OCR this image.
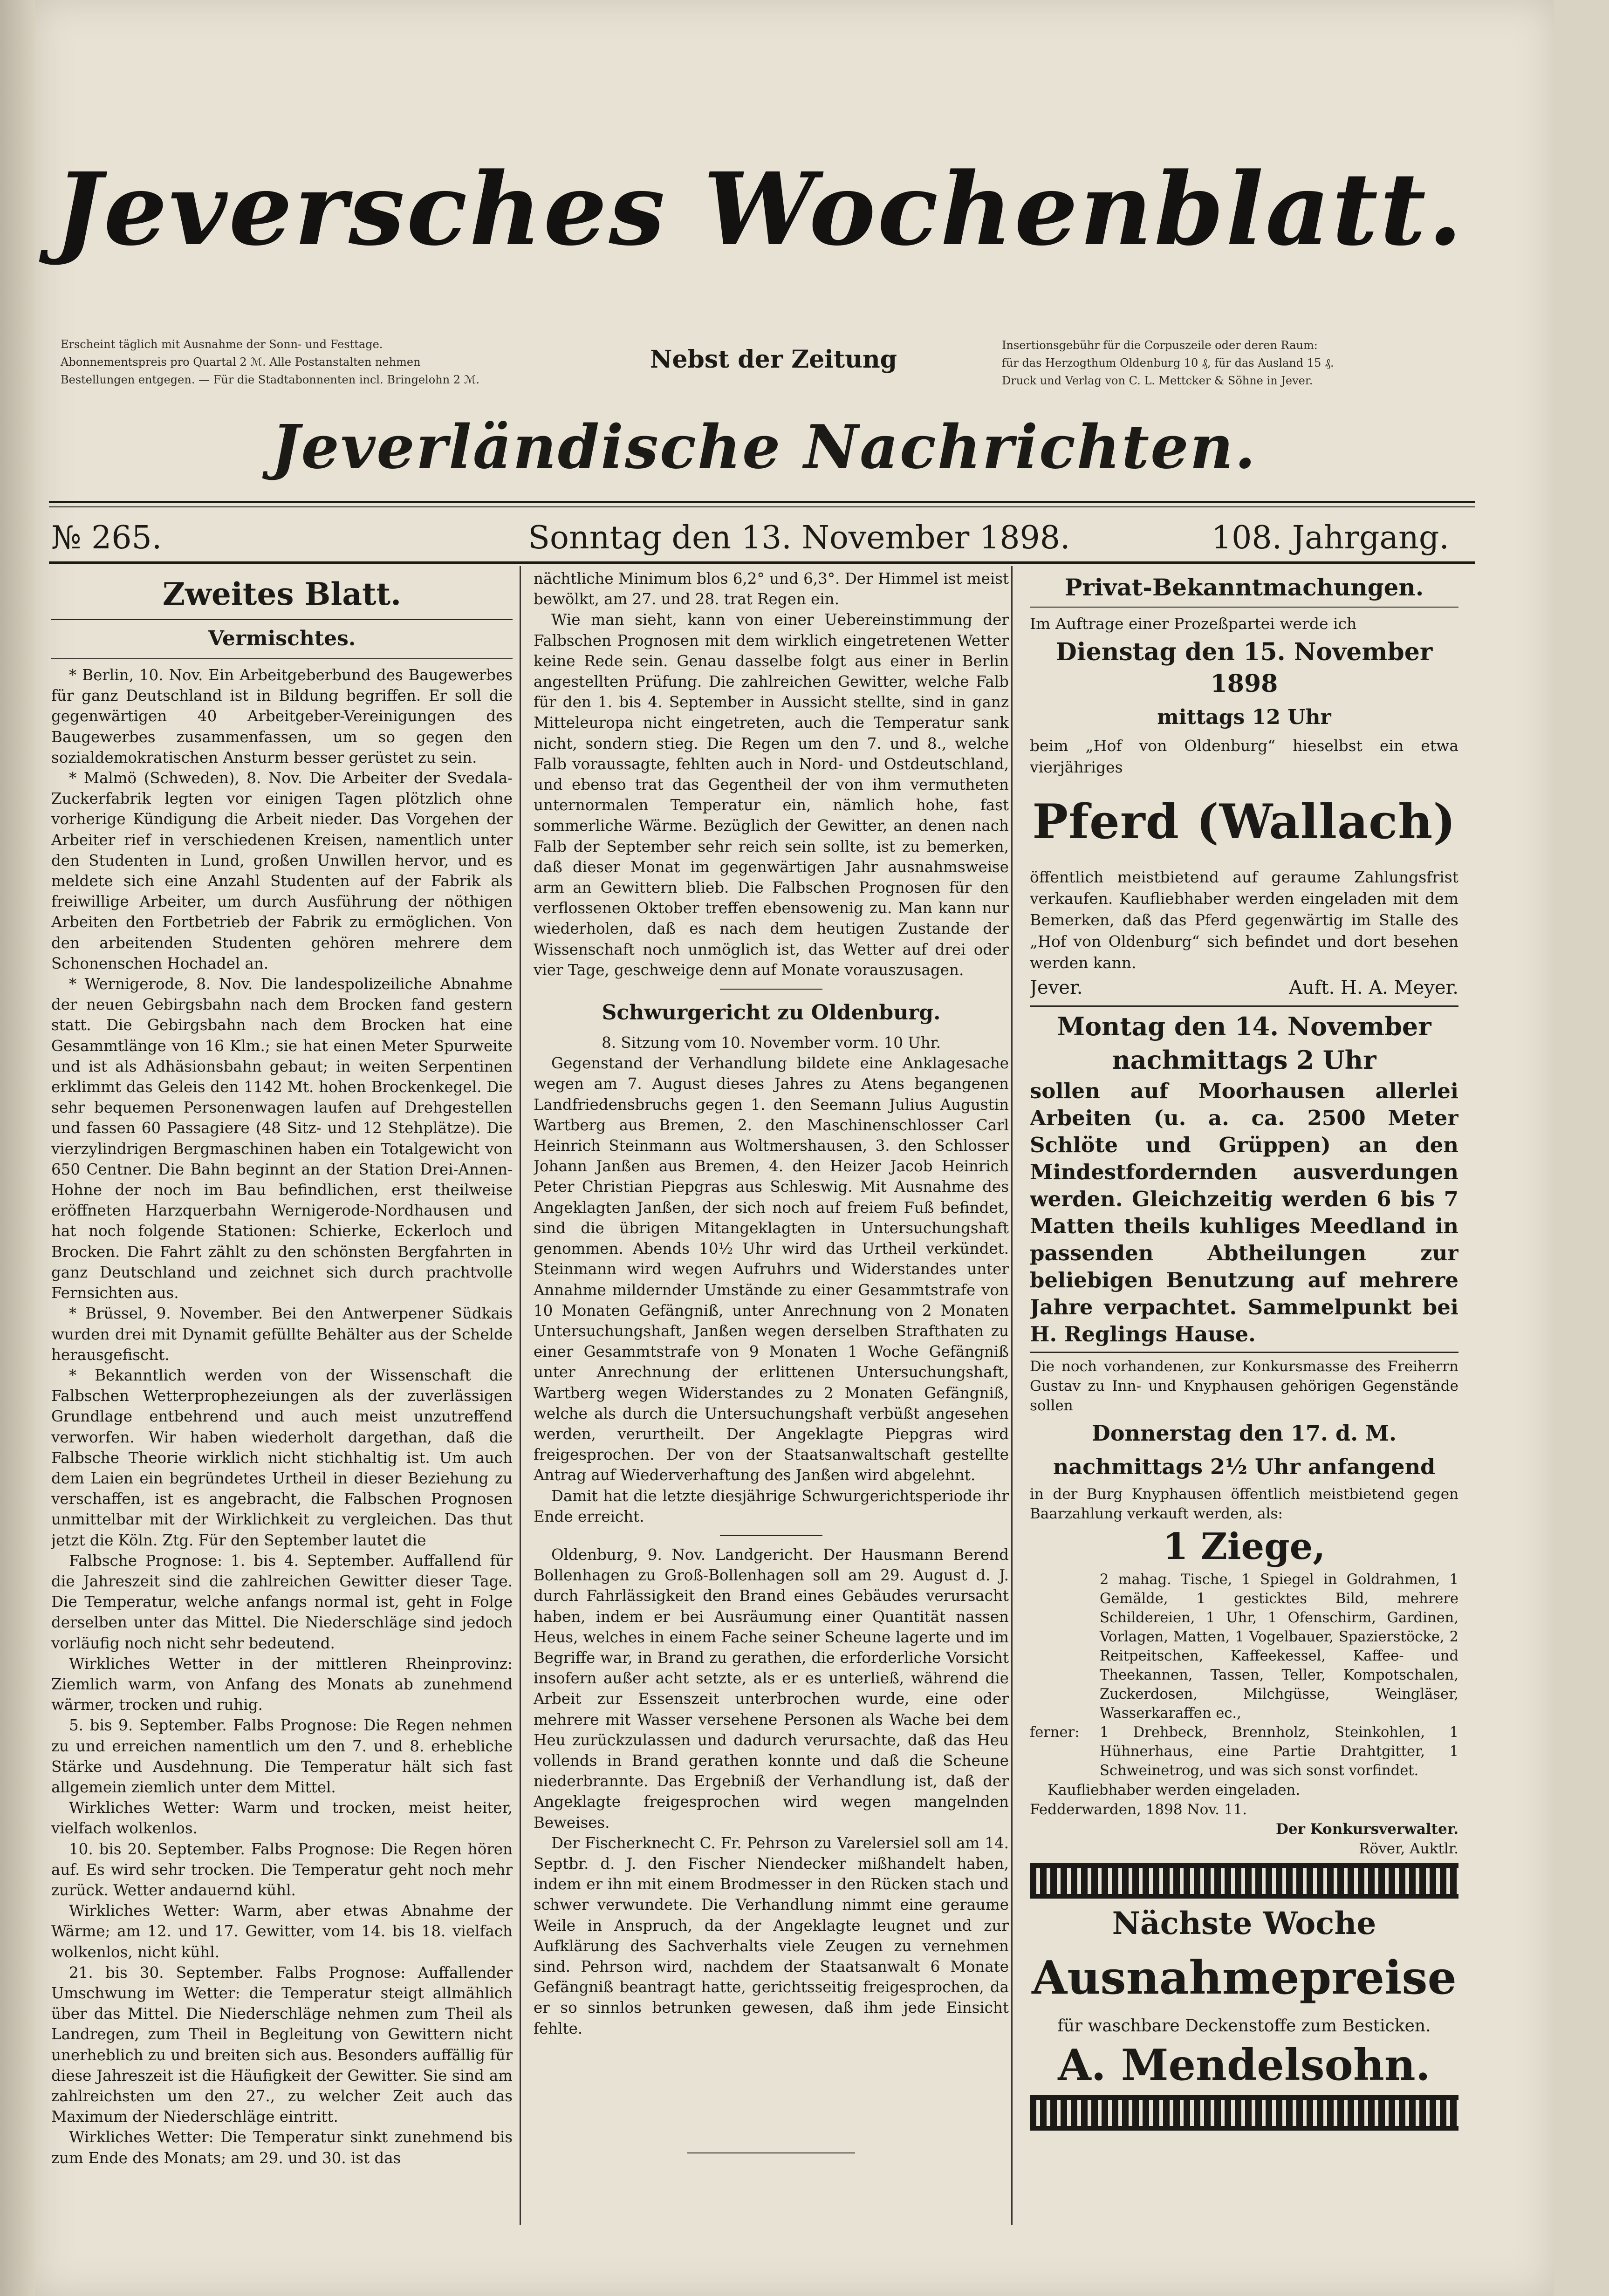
Jeversches Wochenblatt.
Erscheint täglich mit Ausnahme der Sonn- und Festtage.
Abonnementspreis pro Quartal 2 ℳ. Alle Postanstalten nehmen
Bestellungen entgegen. — Für die Stadtabonnenten incl. Bringelohn 2 ℳ.
Nebst der Zeitung	Insertionsgebühr für die Corpuszeile oder deren Raum:
für das Herzogthum Oldenburg 10 ₰, für das Ausland 15 ₰.
Druck und Verlag von C. L. Mettcker & Söhne in Jever.
Jeverländische Nachrichten.
№ 265.	Sonntag den 13. November 1898.	108. Jahrgang.
Zweites Blatt.
Vermischtes.

* Berlin, 10. Nov. Ein Arbeitgeberbund des Baugewerbes für ganz Deutschland ist in Bildung begriffen. Er soll die gegenwärtigen 40 Arbeitgeber-Vereinigungen des Baugewerbes zusammenfassen, um so gegen den sozialdemokratischen Ansturm besser gerüstet zu sein.

* Malmö (Schweden), 8. Nov. Die Arbeiter der Svedala-Zuckerfabrik legten vor einigen Tagen plötzlich ohne vorherige Kündigung die Arbeit nieder. Das Vorgehen der Arbeiter rief in verschiedenen Kreisen, namentlich unter den Studenten in Lund, großen Unwillen hervor, und es meldete sich eine Anzahl Studenten auf der Fabrik als freiwillige Arbeiter, um durch Ausführung der nöthigen Arbeiten den Fortbetrieb der Fabrik zu ermöglichen. Von den arbeitenden Studenten gehören mehrere dem Schonenschen Hochadel an.

* Wernigerode, 8. Nov. Die landespolizeiliche Abnahme der neuen Gebirgsbahn nach dem Brocken fand gestern statt. Die Gebirgsbahn nach dem Brocken hat eine Gesammtlänge von 16 Klm.; sie hat einen Meter Spurweite und ist als Adhäsionsbahn gebaut; in weiten Serpentinen erklimmt das Geleis den 1142 Mt. hohen Brockenkegel. Die sehr bequemen Personenwagen laufen auf Drehgestellen und fassen 60 Passagiere (48 Sitz- und 12 Stehplätze). Die vierzylindrigen Bergmaschinen haben ein Totalgewicht von 650 Centner. Die Bahn beginnt an der Station Drei-Annen-Hohne der noch im Bau befindlichen, erst theilweise eröffneten Harzquerbahn Wernigerode-Nordhausen und hat noch folgende Stationen: Schierke, Eckerloch und Brocken. Die Fahrt zählt zu den schönsten Bergfahrten in ganz Deutschland und zeichnet sich durch prachtvolle Fernsichten aus.

* Brüssel, 9. November. Bei den Antwerpener Südkais wurden drei mit Dynamit gefüllte Behälter aus der Schelde herausgefischt.

* Bekanntlich werden von der Wissenschaft die Falbschen Wetterprophezeiungen als der zuverlässigen Grundlage entbehrend und auch meist unzutreffend verworfen. Wir haben wiederholt dargethan, daß die Falbsche Theorie wirklich nicht stichhaltig ist. Um auch dem Laien ein begründetes Urtheil in dieser Beziehung zu verschaffen, ist es angebracht, die Falbschen Prognosen unmittelbar mit der Wirklichkeit zu vergleichen. Das thut jetzt die Köln. Ztg. Für den September lautet die

Falbsche Prognose: 1. bis 4. September. Auffallend für die Jahreszeit sind die zahlreichen Gewitter dieser Tage. Die Temperatur, welche anfangs normal ist, geht in Folge derselben unter das Mittel. Die Niederschläge sind jedoch vorläufig noch nicht sehr bedeutend.

Wirkliches Wetter in der mittleren Rheinprovinz: Ziemlich warm, von Anfang des Monats ab zunehmend wärmer, trocken und ruhig.

5. bis 9. September. Falbs Prognose: Die Regen nehmen zu und erreichen namentlich um den 7. und 8. erhebliche Stärke und Ausdehnung. Die Temperatur hält sich fast allgemein ziemlich unter dem Mittel.

Wirkliches Wetter: Warm und trocken, meist heiter, vielfach wolkenlos.

10. bis 20. September. Falbs Prognose: Die Regen hören auf. Es wird sehr trocken. Die Temperatur geht noch mehr zurück. Wetter andauernd kühl.

Wirkliches Wetter: Warm, aber etwas Abnahme der Wärme; am 12. und 17. Gewitter, vom 14. bis 18. vielfach wolkenlos, nicht kühl.

21. bis 30. September. Falbs Prognose: Auffallender Umschwung im Wetter: die Temperatur steigt allmählich über das Mittel. Die Niederschläge nehmen zum Theil als Landregen, zum Theil in Begleitung von Gewittern nicht unerheblich zu und breiten sich aus. Besonders auffällig für diese Jahreszeit ist die Häufigkeit der Gewitter. Sie sind am zahlreichsten um den 27., zu welcher Zeit auch das Maximum der Niederschläge eintritt.

Wirkliches Wetter: Die Temperatur sinkt zunehmend bis zum Ende des Monats; am 29. und 30. ist das

nächtliche Minimum blos 6,2° und 6,3°. Der Himmel ist meist bewölkt, am 27. und 28. trat Regen ein.

Wie man sieht, kann von einer Uebereinstimmung der Falbschen Prognosen mit dem wirklich eingetretenen Wetter keine Rede sein. Genau dasselbe folgt aus einer in Berlin angestellten Prüfung. Die zahlreichen Gewitter, welche Falb für den 1. bis 4. September in Aussicht stellte, sind in ganz Mitteleuropa nicht eingetreten, auch die Temperatur sank nicht, sondern stieg. Die Regen um den 7. und 8., welche Falb voraussagte, fehlten auch in Nord- und Ostdeutschland, und ebenso trat das Gegentheil der von ihm vermutheten unternormalen Temperatur ein, nämlich hohe, fast sommerliche Wärme. Bezüglich der Gewitter, an denen nach Falb der September sehr reich sein sollte, ist zu bemerken, daß dieser Monat im gegenwärtigen Jahr ausnahmsweise arm an Gewittern blieb. Die Falbschen Prognosen für den verflossenen Oktober treffen ebensowenig zu. Man kann nur wiederholen, daß es nach dem heutigen Zustande der Wissenschaft noch unmöglich ist, das Wetter auf drei oder vier Tage, geschweige denn auf Monate vorauszusagen.

Schwurgericht zu Oldenburg.

8. Sitzung vom 10. November vorm. 10 Uhr.

Gegenstand der Verhandlung bildete eine Anklagesache wegen am 7. August dieses Jahres zu Atens begangenen Landfriedensbruchs gegen 1. den Seemann Julius Augustin Wartberg aus Bremen, 2. den Maschinenschlosser Carl Heinrich Steinmann aus Woltmershausen, 3. den Schlosser Johann Janßen aus Bremen, 4. den Heizer Jacob Heinrich Peter Christian Piepgras aus Schleswig. Mit Ausnahme des Angeklagten Janßen, der sich noch auf freiem Fuß befindet, sind die übrigen Mitangeklagten in Untersuchungshaft genommen. Abends 10½ Uhr wird das Urtheil verkündet. Steinmann wird wegen Aufruhrs und Widerstandes unter Annahme mildernder Umstände zu einer Gesammtstrafe von 10 Monaten Gefängniß, unter Anrechnung von 2 Monaten Untersuchungshaft, Janßen wegen derselben Strafthaten zu einer Gesammtstrafe von 9 Monaten 1 Woche Gefängniß unter Anrechnung der erlittenen Untersuchungshaft, Wartberg wegen Widerstandes zu 2 Monaten Gefängniß, welche als durch die Untersuchungshaft verbüßt angesehen werden, verurtheilt. Der Angeklagte Piepgras wird freigesprochen. Der von der Staatsanwaltschaft gestellte Antrag auf Wiederverhaftung des Janßen wird abgelehnt.

Damit hat die letzte diesjährige Schwurgerichtsperiode ihr Ende erreicht.

Oldenburg, 9. Nov. Landgericht. Der Hausmann Berend Bollenhagen zu Groß-Bollenhagen soll am 29. August d. J. durch Fahrlässigkeit den Brand eines Gebäudes verursacht haben, indem er bei Ausräumung einer Quantität nassen Heus, welches in einem Fache seiner Scheune lagerte und im Begriffe war, in Brand zu gerathen, die erforderliche Vorsicht insofern außer acht setzte, als er es unterließ, während die Arbeit zur Essenszeit unterbrochen wurde, eine oder mehrere mit Wasser versehene Personen als Wache bei dem Heu zurückzulassen und dadurch verursachte, daß das Heu vollends in Brand gerathen konnte und daß die Scheune niederbrannte. Das Ergebniß der Verhandlung ist, daß der Angeklagte freigesprochen wird wegen mangelnden Beweises.

Der Fischerknecht C. Fr. Pehrson zu Varelersiel soll am 14. Septbr. d. J. den Fischer Niendecker mißhandelt haben, indem er ihn mit einem Brodmesser in den Rücken stach und schwer verwundete. Die Verhandlung nimmt eine geraume Weile in Anspruch, da der Angeklagte leugnet und zur Aufklärung des Sachverhalts viele Zeugen zu vernehmen sind. Pehrson wird, nachdem der Staatsanwalt 6 Monate Gefängniß beantragt hatte, gerichtsseitig freigesprochen, da er so sinnlos betrunken gewesen, daß ihm jede Einsicht fehlte.

Privat-Bekanntmachungen.

Im Auftrage einer Prozeßpartei werde ich

Dienstag den 15. November 1898
mittags 12 Uhr

beim „Hof von Oldenburg“ hieselbst ein etwa vierjähriges

Pferd (Wallach)

öffentlich meistbietend auf geraume Zahlungsfrist verkaufen. Kaufliebhaber werden eingeladen mit dem Bemerken, daß das Pferd gegenwärtig im Stalle des „Hof von Oldenburg“ sich befindet und dort besehen werden kann.

Jever.	Auft. H. A. Meyer.
Montag den 14. November
nachmittags 2 Uhr

sollen auf Moorhausen allerlei Arbeiten (u. a. ca. 2500 Meter Schlöte und Grüppen) an den Mindestfordernden ausverdungen werden. Gleichzeitig werden 6 bis 7 Matten theils kuhliges Meedland in passenden Abtheilungen zur beliebigen Benutzung auf mehrere Jahre verpachtet. Sammelpunkt bei H. Reglings Hause.

Die noch vorhandenen, zur Konkursmasse des Freiherrn Gustav zu Inn- und Knyphausen gehörigen Gegenstände sollen

Donnerstag den 17. d. M.
nachmittags 2½ Uhr anfangend

in der Burg Knyphausen öffentlich meistbietend gegen Baarzahlung verkauft werden, als:

1 Ziege,
2 mahag. Tische, 1 Spiegel in Goldrahmen, 1 Gemälde, 1 gesticktes Bild, mehrere Schildereien, 1 Uhr, 1 Ofenschirm, Gardinen, Vorlagen, Matten, 1 Vogelbauer, Spazierstöcke, 2 Reitpeitschen, Kaffeekessel, Kaffee- und Theekannen, Tassen, Teller, Kompotschalen, Zuckerdosen, Milchgüsse, Weingläser, Wasserkaraffen ec.,
ferner:	1 Drehbeck, Brennholz, Steinkohlen, 1 Hühnerhaus, eine Partie Drahtgitter, 1 Schweinetrog, und was sich sonst vorfindet.

Kaufliebhaber werden eingeladen.

Fedderwarden, 1898 Nov. 11.

Der Konkursverwalter.

Röver, Auktlr.

Nächste Woche

Ausnahmepreise

für waschbare Deckenstoffe zum Besticken.

A. Mendelsohn.
